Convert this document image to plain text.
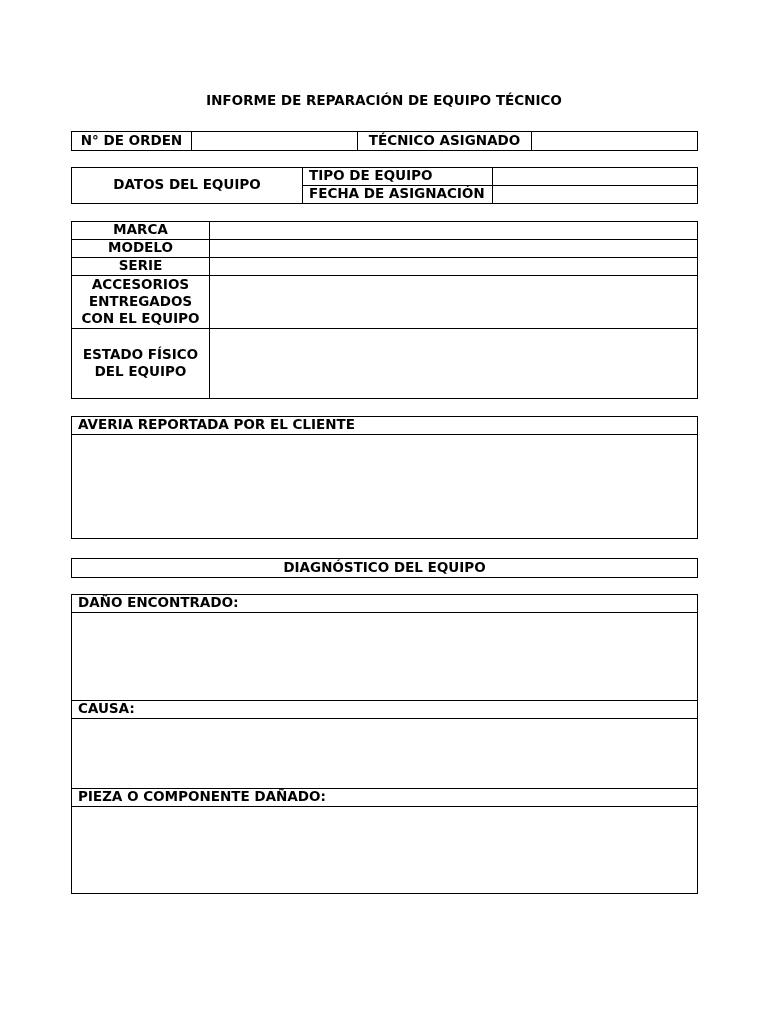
INFORME DE REPARACIÓN DE EQUIPO TÉCNICO
N° DE ORDEN		TÉCNICO ASIGNADO	
DATOS DEL EQUIPO	TIPO DE EQUIPO	
	FECHA DE ASIGNACIÓN	
MARCA	
MODELO	
SERIE	
ACCESORIOS ENTREGADOS CON EL EQUIPO	
ESTADO FÍSICO DEL EQUIPO	
AVERIA REPORTADA POR EL CLIENTE

DIAGNÓSTICO DEL EQUIPO
DAÑO ENCONTRADO:

CAUSA:

PIEZA O COMPONENTE DAÑADO:
